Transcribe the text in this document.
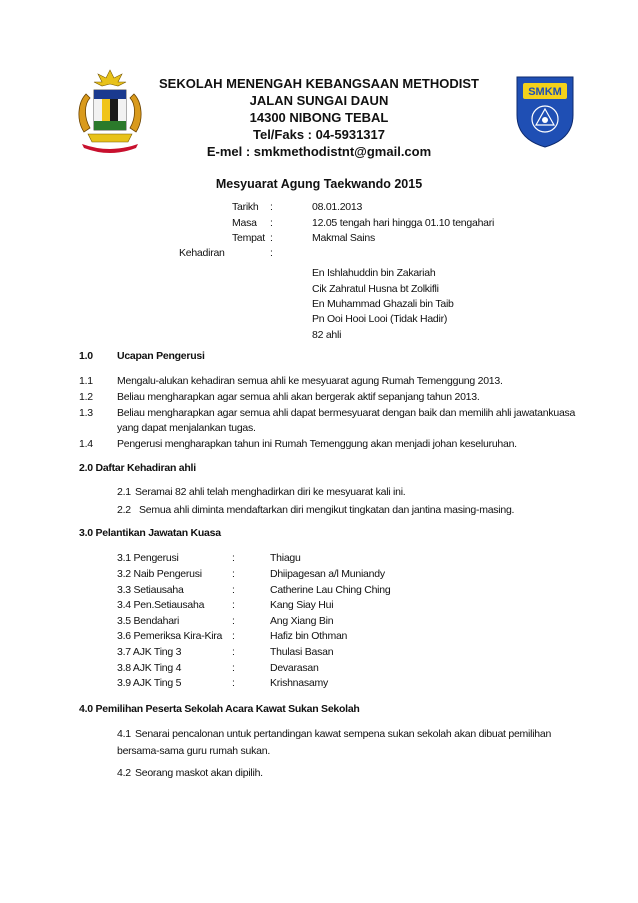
SMKM
SEKOLAH MENENGAH KEBANGSAAN METHODIST
JALAN SUNGAI DAUN
14300 NIBONG TEBAL
Tel/Faks : 04-5931317
E-mel : smkmethodistnt@gmail.com
Mesyuarat Agung Taekwando 2015
Tarikh :	08.01.2013
Masa :	12.05 tengah hari hingga 01.10 tengahari
Tempat :	Makmal Sains
Kehadiran	:
En Ishlahuddin bin Zakariah
Cik Zahratul Husna bt Zolkifli
En Muhammad Ghazali bin Taib
Pn Ooi Hooi Looi (Tidak Hadir)
82 ahli
1.0 Ucapan Pengerusi
1.1 Mengalu-alukan kehadiran semua ahli ke mesyuarat agung Rumah Temenggung 2013.
1.2 Beliau mengharapkan agar semua ahli akan bergerak aktif sepanjang tahun 2013.
1.3 Beliau mengharapkan agar semua ahli dapat bermesyuarat dengan baik dan memilih ahli jawatankuasa
yang dapat menjalankan tugas.
1.4 Pengerusi mengharapkan tahun ini Rumah Temenggung akan menjadi johan keseluruhan.
2.0 Daftar Kehadiran ahli
2.1 Seramai 82 ahli telah menghadirkan diri ke mesyuarat kali ini.
2.2 Semua ahli diminta mendaftarkan diri mengikut tingkatan dan jantina masing-masing.
3.0 Pelantikan Jawatan Kuasa
3.1 Pengerusi	:	Thiagu
3.2 Naib Pengerusi	:	Dhiipagesan a/l Muniandy
3.3 Setiausaha	:	Catherine Lau Ching Ching
3.4 Pen.Setiausaha	:	Kang Siay Hui
3.5 Bendahari	:	Ang Xiang Bin
3.6 Pemeriksa Kira-Kira :	Hafiz bin Othman
3.7 AJK Ting 3	:	Thulasi Basan
3.8 AJK Ting 4	:	Devarasan
3.9 AJK Ting 5	:	Krishnasamy
4.0 Pemilihan Peserta Sekolah Acara Kawat Sukan Sekolah
4.1 Senarai pencalonan untuk pertandingan kawat sempena sukan sekolah akan dibuat pemilihan
bersama-sama guru rumah sukan.
4.2 Seorang maskot akan dipilih.
